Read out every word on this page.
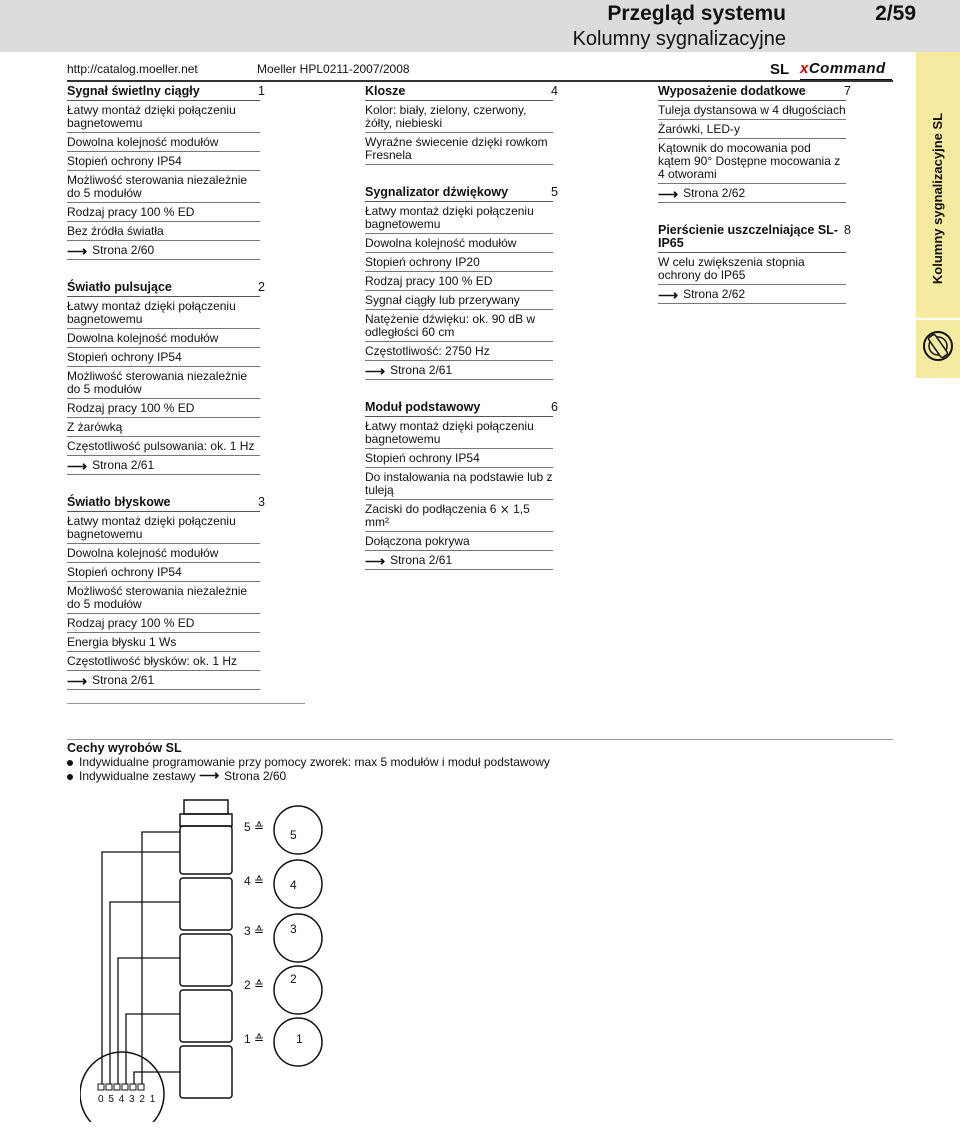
Przegląd systemu	2/59
Kolumny sygnalizacyjne
http://catalog.moeller.net	Moeller HPL0211-2007/2008	SL xCommand
Kolumny sygnalizacyjne SL
Sygnał świetlny ciągły	1
Łatwy montaż dzięki połączeniu bagnetowemu
Dowolna kolejność modułów
Stopień ochrony IP54
Możliwość sterowania niezależnie do 5 modułów
Rodzaj pracy 100 % ED
Bez źródła światła
⟶ Strona 2/60
Światło pulsujące	2
Łatwy montaż dzięki połączeniu bagnetowemu
Dowolna kolejność modułów
Stopień ochrony IP54
Możliwość sterowania niezależnie do 5 modułów
Rodzaj pracy 100 % ED
Z żarówką
Częstotliwość pulsowania: ok. 1 Hz
⟶ Strona 2/61
Światło błyskowe	3
Łatwy montaż dzięki połączeniu bagnetowemu
Dowolna kolejność modułów
Stopień ochrony IP54
Możliwość sterowania niezależnie do 5 modułów
Rodzaj pracy 100 % ED
Energia błysku 1 Ws
Częstotliwość błysków: ok. 1 Hz
⟶ Strona 2/61
Klosze	4
Kolor: biały, zielony, czerwony, żółty, niebieski
Wyraźne świecenie dzięki rowkom Fresnela
Sygnalizator dźwiękowy	5
Łatwy montaż dzięki połączeniu bagnetowemu
Dowolna kolejność modułów
Stopień ochrony IP20
Rodzaj pracy 100 % ED
Sygnał ciągły lub przerywany
Natężenie dźwięku: ok. 90 dB w odległości 60 cm
Częstotliwość: 2750 Hz
⟶ Strona 2/61
Moduł podstawowy	6
Łatwy montaż dzięki połączeniu bagnetowemu
Stopień ochrony IP54
Do instalowania na podstawie lub z tuleją
Zaciski do podłączenia 6 ⨯ 1,5 mm²
Dołączona pokrywa
⟶ Strona 2/61
Wyposażenie dodatkowe	7
Tuleja dystansowa w 4 długościach
Żarówki, LED-y
Kątownik do mocowania pod kątem 90° Dostępne mocowania z 4 otworami
⟶ Strona 2/62
Pierścienie uszczelniające SL-IP65
8
W celu zwiększenia stopnia ochrony do IP65
⟶ Strona 2/62
Cechy wyrobów SL
Indywidualne programowanie przy pomocy zworek: max 5 modułów i moduł podstawowy
Indywidualne zestawy ⟶ Strona 2/60
5 ≙
5
4 ≙ 4
3 ≙ 3
2 ≙ 2
1 ≙	1
0 5 4 3 2 1
